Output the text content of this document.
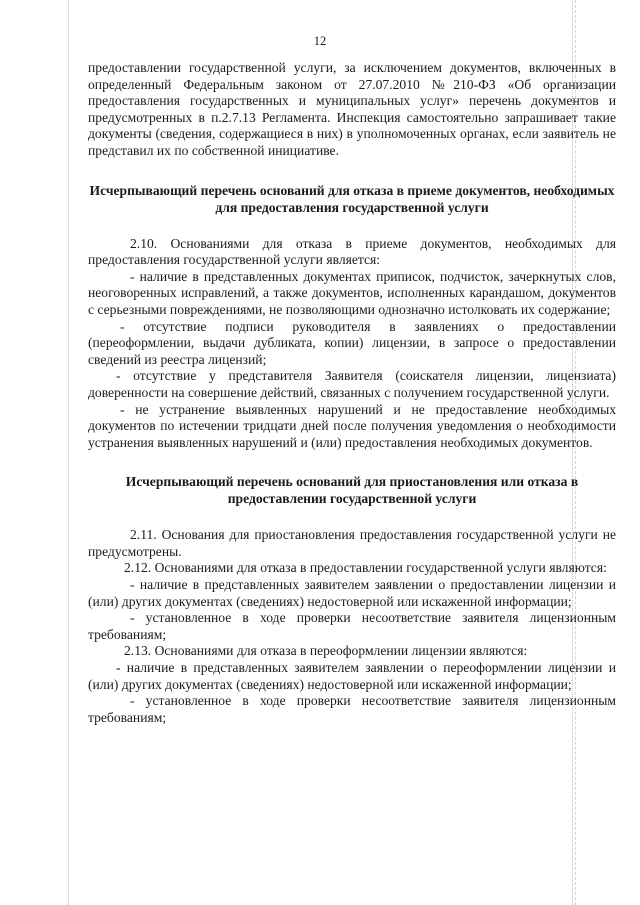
12

предоставлении государственной услуги, за исключением документов, включенных в определенный Федеральным законом от 27.07.2010 №210-ФЗ «Об организации предоставления государственных и муниципальных услуг» перечень документов и предусмотренных в п.2.7.13 Регламента. Инспекция самостоятельно запрашивает такие документы (сведения, содержащиеся в них) в уполномоченных органах, если заявитель не представил их по собственной инициативе.

Исчерпывающий перечень оснований для отказа в приеме документов, необходимых для предоставления государственной услуги

2.10. Основаниями для отказа в приеме документов, необходимых для предоставления государственной услуги является:

- наличие в представленных документах приписок, подчисток, зачеркнутых слов, неоговоренных исправлений, а также документов, исполненных карандашом, документов с серьезными повреждениями, не позволяющими однозначно истолковать их содержание;

- отсутствие подписи руководителя в заявлениях о предоставлении (переоформлении, выдачи дубликата, копии) лицензии, в запросе о предоставлении сведений из реестра лицензий;

- отсутствие у представителя Заявителя (соискателя лицензии, лицензиата) доверенности на совершение действий, связанных с получением государственной услуги.

- не устранение выявленных нарушений и не предоставление необходимых документов по истечении тридцати дней после получения уведомления о необходимости устранения выявленных нарушений и (или) предоставления необходимых документов.

Исчерпывающий перечень оснований для приостановления или отказа в предоставлении государственной услуги

2.11. Основания для приостановления предоставления государственной услуги не предусмотрены.

2.12. Основаниями для отказа в предоставлении государственной услуги являются:

- наличие в представленных заявителем заявлении о предоставлении лицензии и (или) других документах (сведениях) недостоверной или искаженной информации;

- установленное в ходе проверки несоответствие заявителя лицензионным требованиям;

2.13. Основаниями для отказа в переоформлении лицензии являются:

- наличие в представленных заявителем заявлении о переоформлении лицензии и (или) других документах (сведениях) недостоверной или искаженной информации;

- установленное в ходе проверки несоответствие заявителя лицензионным требованиям;
